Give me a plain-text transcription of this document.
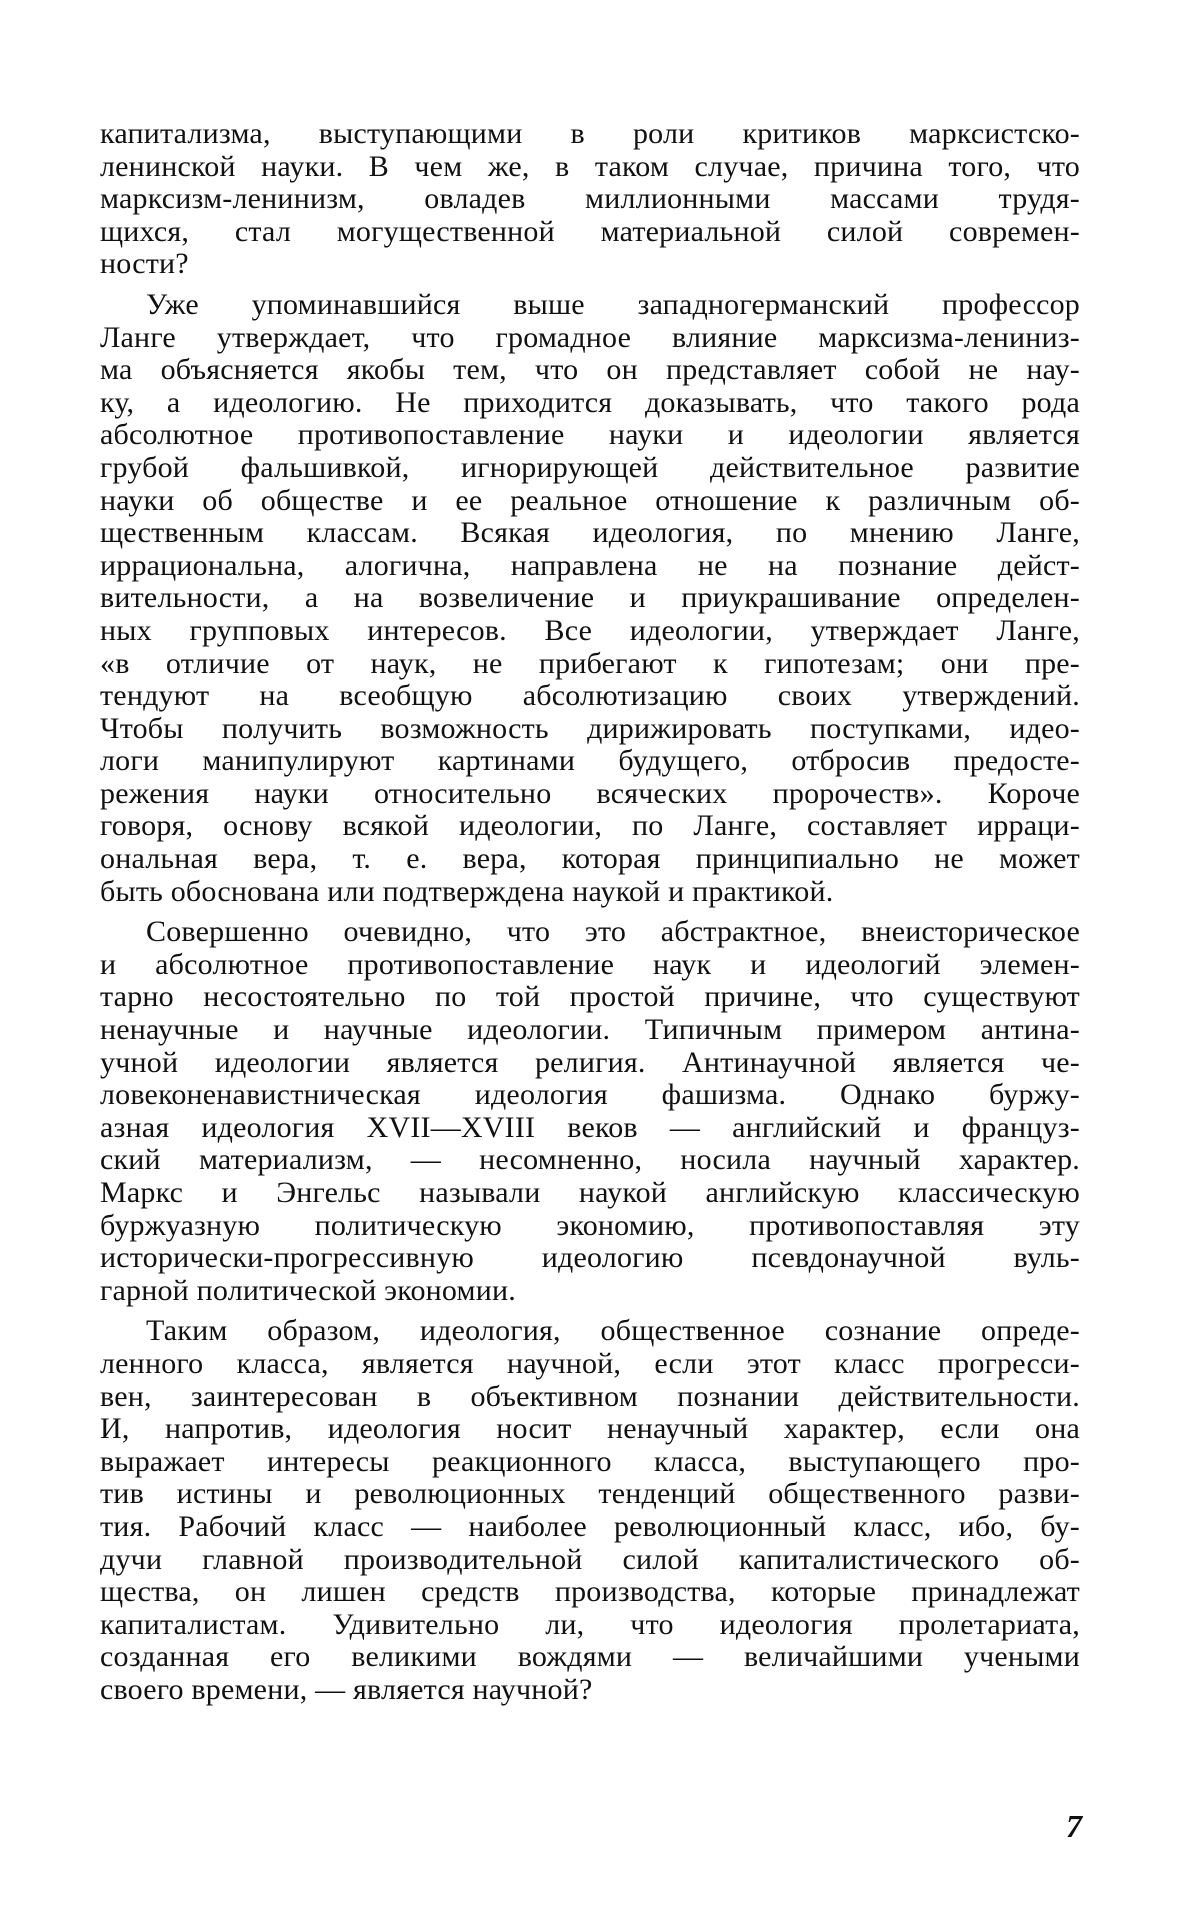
капитализма, выступающими в роли критиков марксистско-
ленинской науки. В чем же, в таком случае, причина того, что
марксизм-ленинизм, овладев миллионными массами трудя-
щихся, стал могущественной материальной силой современ-
ности?
Уже упоминавшийся выше западногерманский профессор
Ланге утверждает, что громадное влияние марксизма-лениниз-
ма объясняется якобы тем, что он представляет собой не нау-
ку, а идеологию. Не приходится доказывать, что такого рода
абсолютное противопоставление науки и идеологии является
грубой фальшивкой, игнорирующей действительное развитие
науки об обществе и ее реальное отношение к различным об-
щественным классам. Всякая идеология, по мнению Ланге,
иррациональна, алогична, направлена не на познание дейст-
вительности, а на возвеличение и приукрашивание определен-
ных групповых интересов. Все идеологии, утверждает Ланге,
«в отличие от наук, не прибегают к гипотезам; они пре-
тендуют на всеобщую абсолютизацию своих утверждений.
Чтобы получить возможность дирижировать поступками, идео-
логи манипулируют картинами будущего, отбросив предосте-
режения науки относительно всяческих пророчеств». Короче
говоря, основу всякой идеологии, по Ланге, составляет ирраци-
ональная вера, т. е. вера, которая принципиально не может
быть обоснована или подтверждена наукой и практикой.
Совершенно очевидно, что это абстрактное, внеисторическое
и абсолютное противопоставление наук и идеологий элемен-
тарно несостоятельно по той простой причине, что существуют
ненаучные и научные идеологии. Типичным примером антина-
учной идеологии является религия. Антинаучной является че-
ловеконенавистническая идеология фашизма. Однако буржу-
азная идеология XVII—XVIII веков — английский и француз-
ский материализм, — несомненно, носила научный характер.
Маркс и Энгельс называли наукой английскую классическую
буржуазную политическую экономию, противопоставляя эту
исторически-прогрессивную идеологию псевдонаучной вуль-
гарной политической экономии.
Таким образом, идеология, общественное сознание опреде-
ленного класса, является научной, если этот класс прогресси-
вен, заинтересован в объективном познании действительности.
И, напротив, идеология носит ненаучный характер, если она
выражает интересы реакционного класса, выступающего про-
тив истины и революционных тенденций общественного разви-
тия. Рабочий класс — наиболее революционный класс, ибо, бу-
дучи главной производительной силой капиталистического об-
щества, он лишен средств производства, которые принадлежат
капиталистам. Удивительно ли, что идеология пролетариата,
созданная его великими вождями — величайшими учеными
своего времени, — является научной?
7
